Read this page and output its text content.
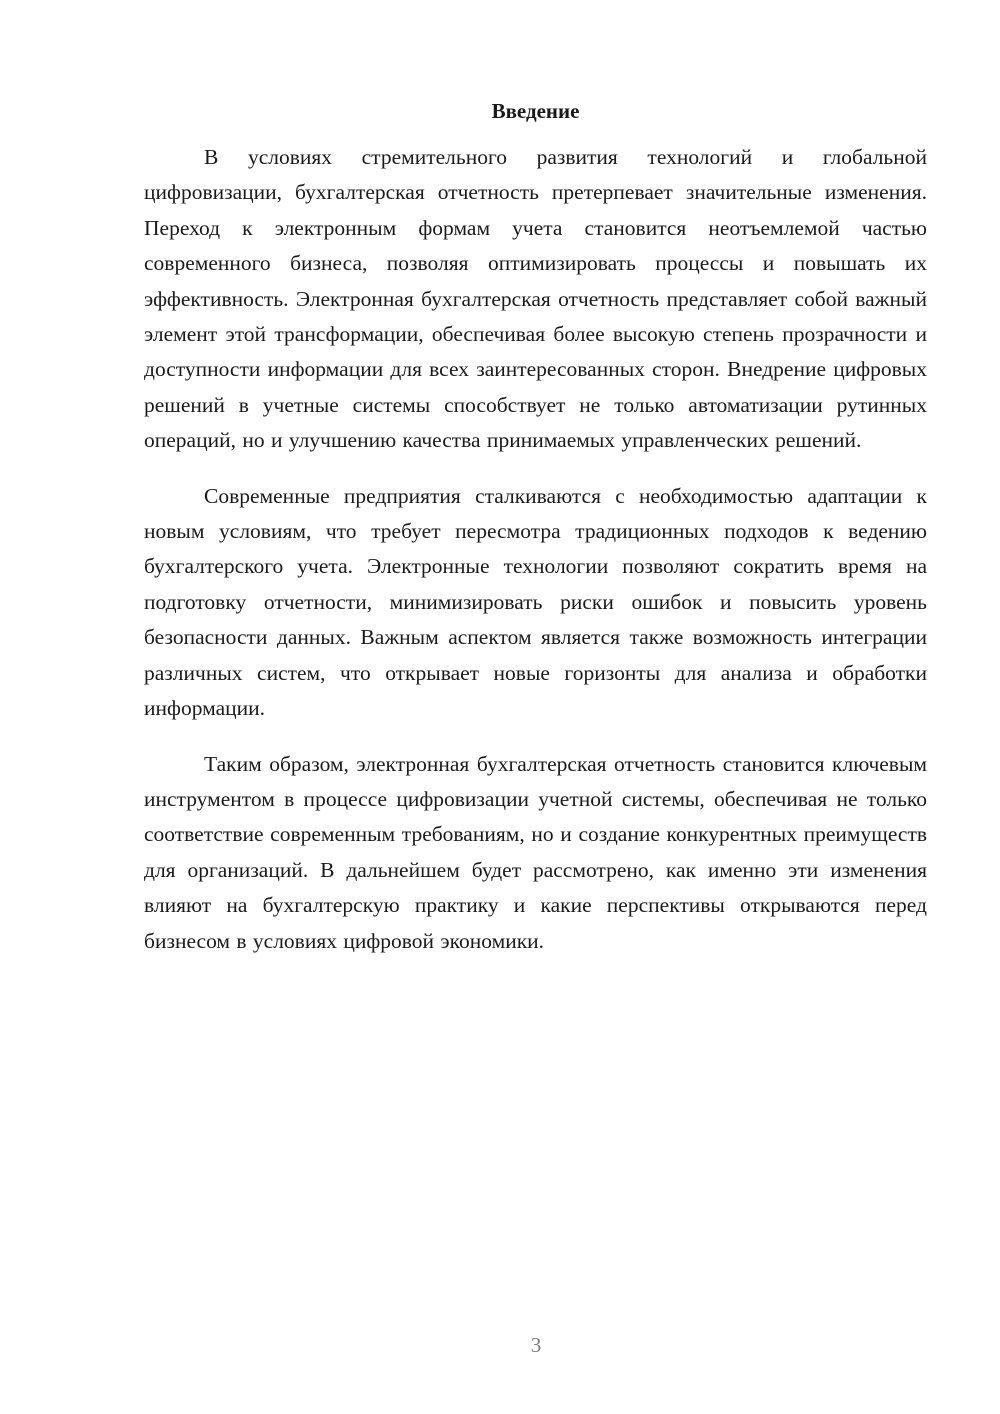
Введение

В условиях стремительного развития технологий и глобальной цифровизации, бухгалтерская отчетность претерпевает значительные изменения. Переход к электронным формам учета становится неотъемлемой частью современного бизнеса, позволяя оптимизировать процессы и повышать их эффективность. Электронная бухгалтерская отчетность представляет собой важный элемент этой трансформации, обеспечивая более высокую степень прозрачности и доступности информации для всех заинтересованных сторон. Внедрение цифровых решений в учетные системы способствует не только автоматизации рутинных операций, но и улучшению качества принимаемых управленческих решений.

Современные предприятия сталкиваются с необходимостью адаптации к новым условиям, что требует пересмотра традиционных подходов к ведению бухгалтерского учета. Электронные технологии позволяют сократить время на подготовку отчетности, минимизировать риски ошибок и повысить уровень безопасности данных. Важным аспектом является также возможность интеграции различных систем, что открывает новые горизонты для анализа и обработки информации.

Таким образом, электронная бухгалтерская отчетность становится ключевым инструментом в процессе цифровизации учетной системы, обеспечивая не только соответствие современным требованиям, но и создание конкурентных преимуществ для организаций. В дальнейшем будет рассмотрено, как именно эти изменения влияют на бухгалтерскую практику и какие перспективы открываются перед бизнесом в условиях цифровой экономики.

3
